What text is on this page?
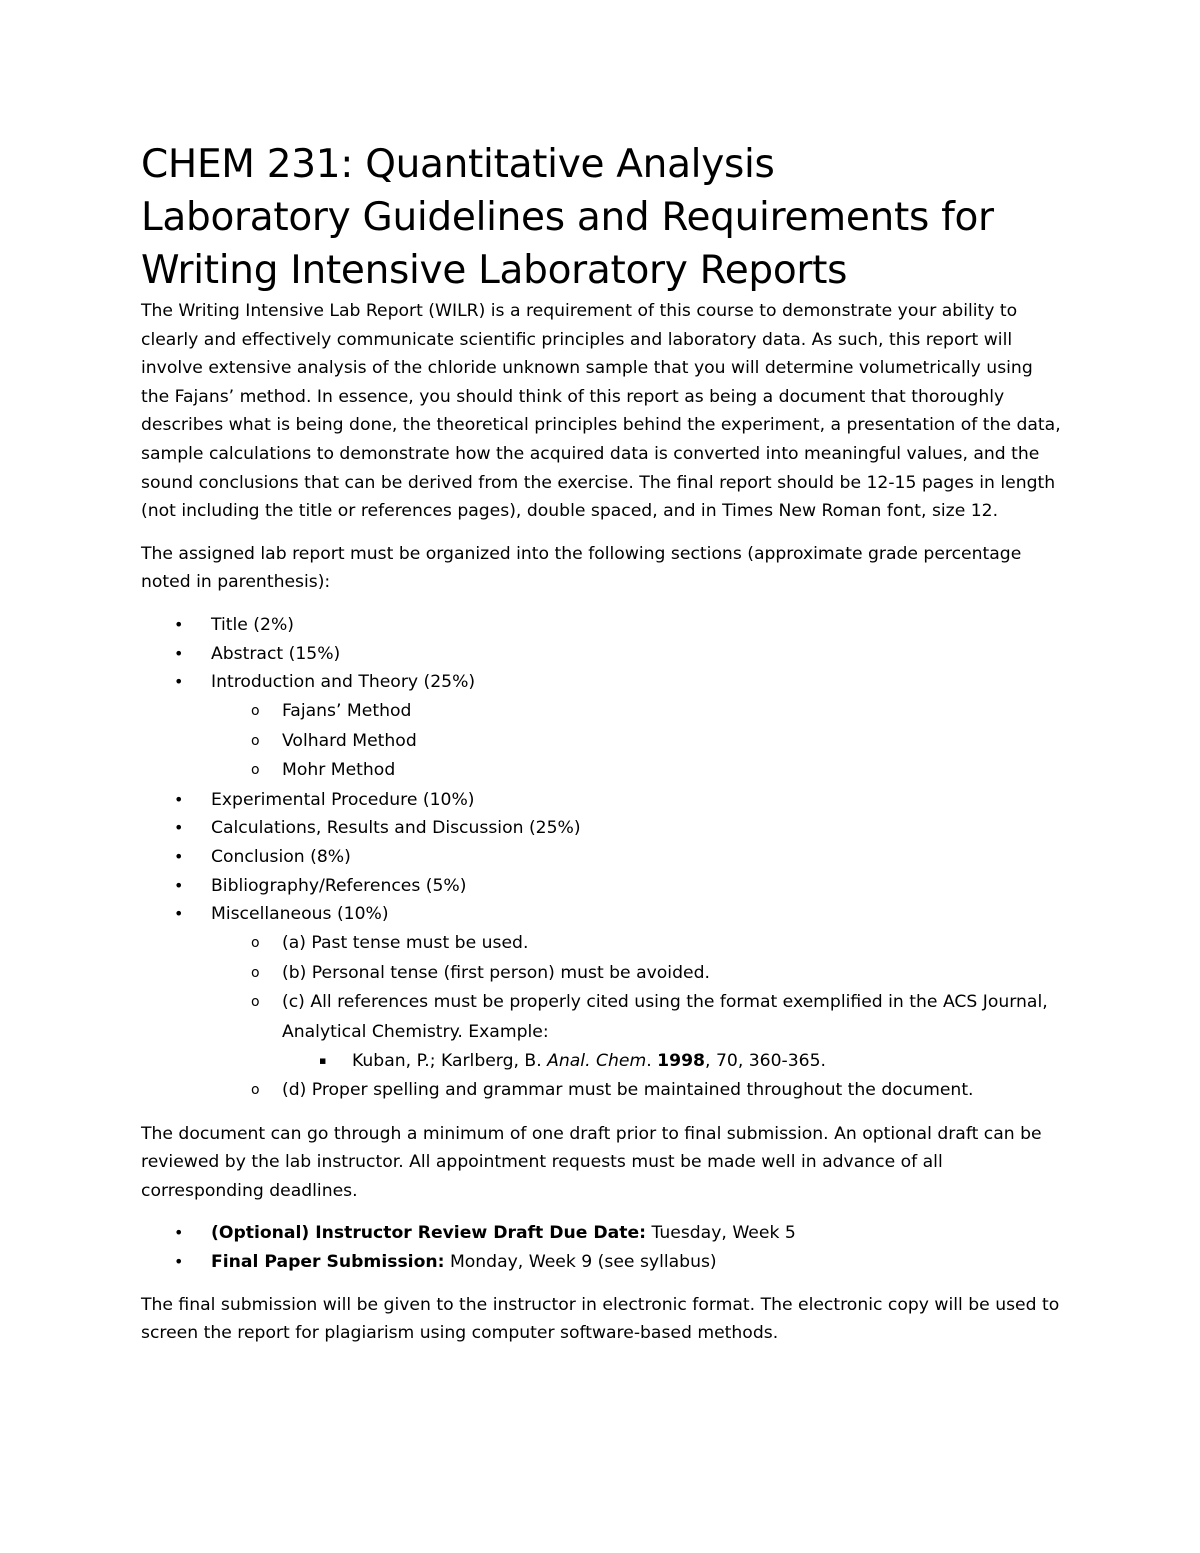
CHEM 231: Quantitative Analysis
Laboratory Guidelines and Requirements for
Writing Intensive Laboratory Reports

The Writing Intensive Lab Report (WILR) is a requirement of this course to demonstrate your ability to clearly and effectively communicate scientific principles and laboratory data. As such, this report will involve extensive analysis of the chloride unknown sample that you will determine volumetrically using the Fajans’ method. In essence, you should think of this report as being a document that thoroughly describes what is being done, the theoretical principles behind the experiment, a presentation of the data, sample calculations to demonstrate how the acquired data is converted into meaningful values, and the sound conclusions that can be derived from the exercise. The final report should be 12-15 pages in length (not including the title or references pages), double spaced, and in Times New Roman font, size 12.

The assigned lab report must be organized into the following sections (approximate grade percentage noted in parenthesis):

• Title (2%)
• Abstract (15%)
• Introduction and Theory (25%)
o Fajans’ Method
o Volhard Method
o Mohr Method
• Experimental Procedure (10%)
• Calculations, Results and Discussion (25%)
• Conclusion (8%)
• Bibliography/References (5%)
• Miscellaneous (10%)
o (a) Past tense must be used.
o (b) Personal tense (first person) must be avoided.
o (c) All references must be properly cited using the format exemplified in the ACS Journal, Analytical Chemistry. Example:
▪ Kuban, P.; Karlberg, B. Anal. Chem. 1998, 70, 360-365.
o (d) Proper spelling and grammar must be maintained throughout the document.

The document can go through a minimum of one draft prior to final submission. An optional draft can be reviewed by the lab instructor. All appointment requests must be made well in advance of all corresponding deadlines.

• (Optional) Instructor Review Draft Due Date: Tuesday, Week 5
• Final Paper Submission: Monday, Week 9 (see syllabus)

The final submission will be given to the instructor in electronic format. The electronic copy will be used to screen the report for plagiarism using computer software-based methods.
